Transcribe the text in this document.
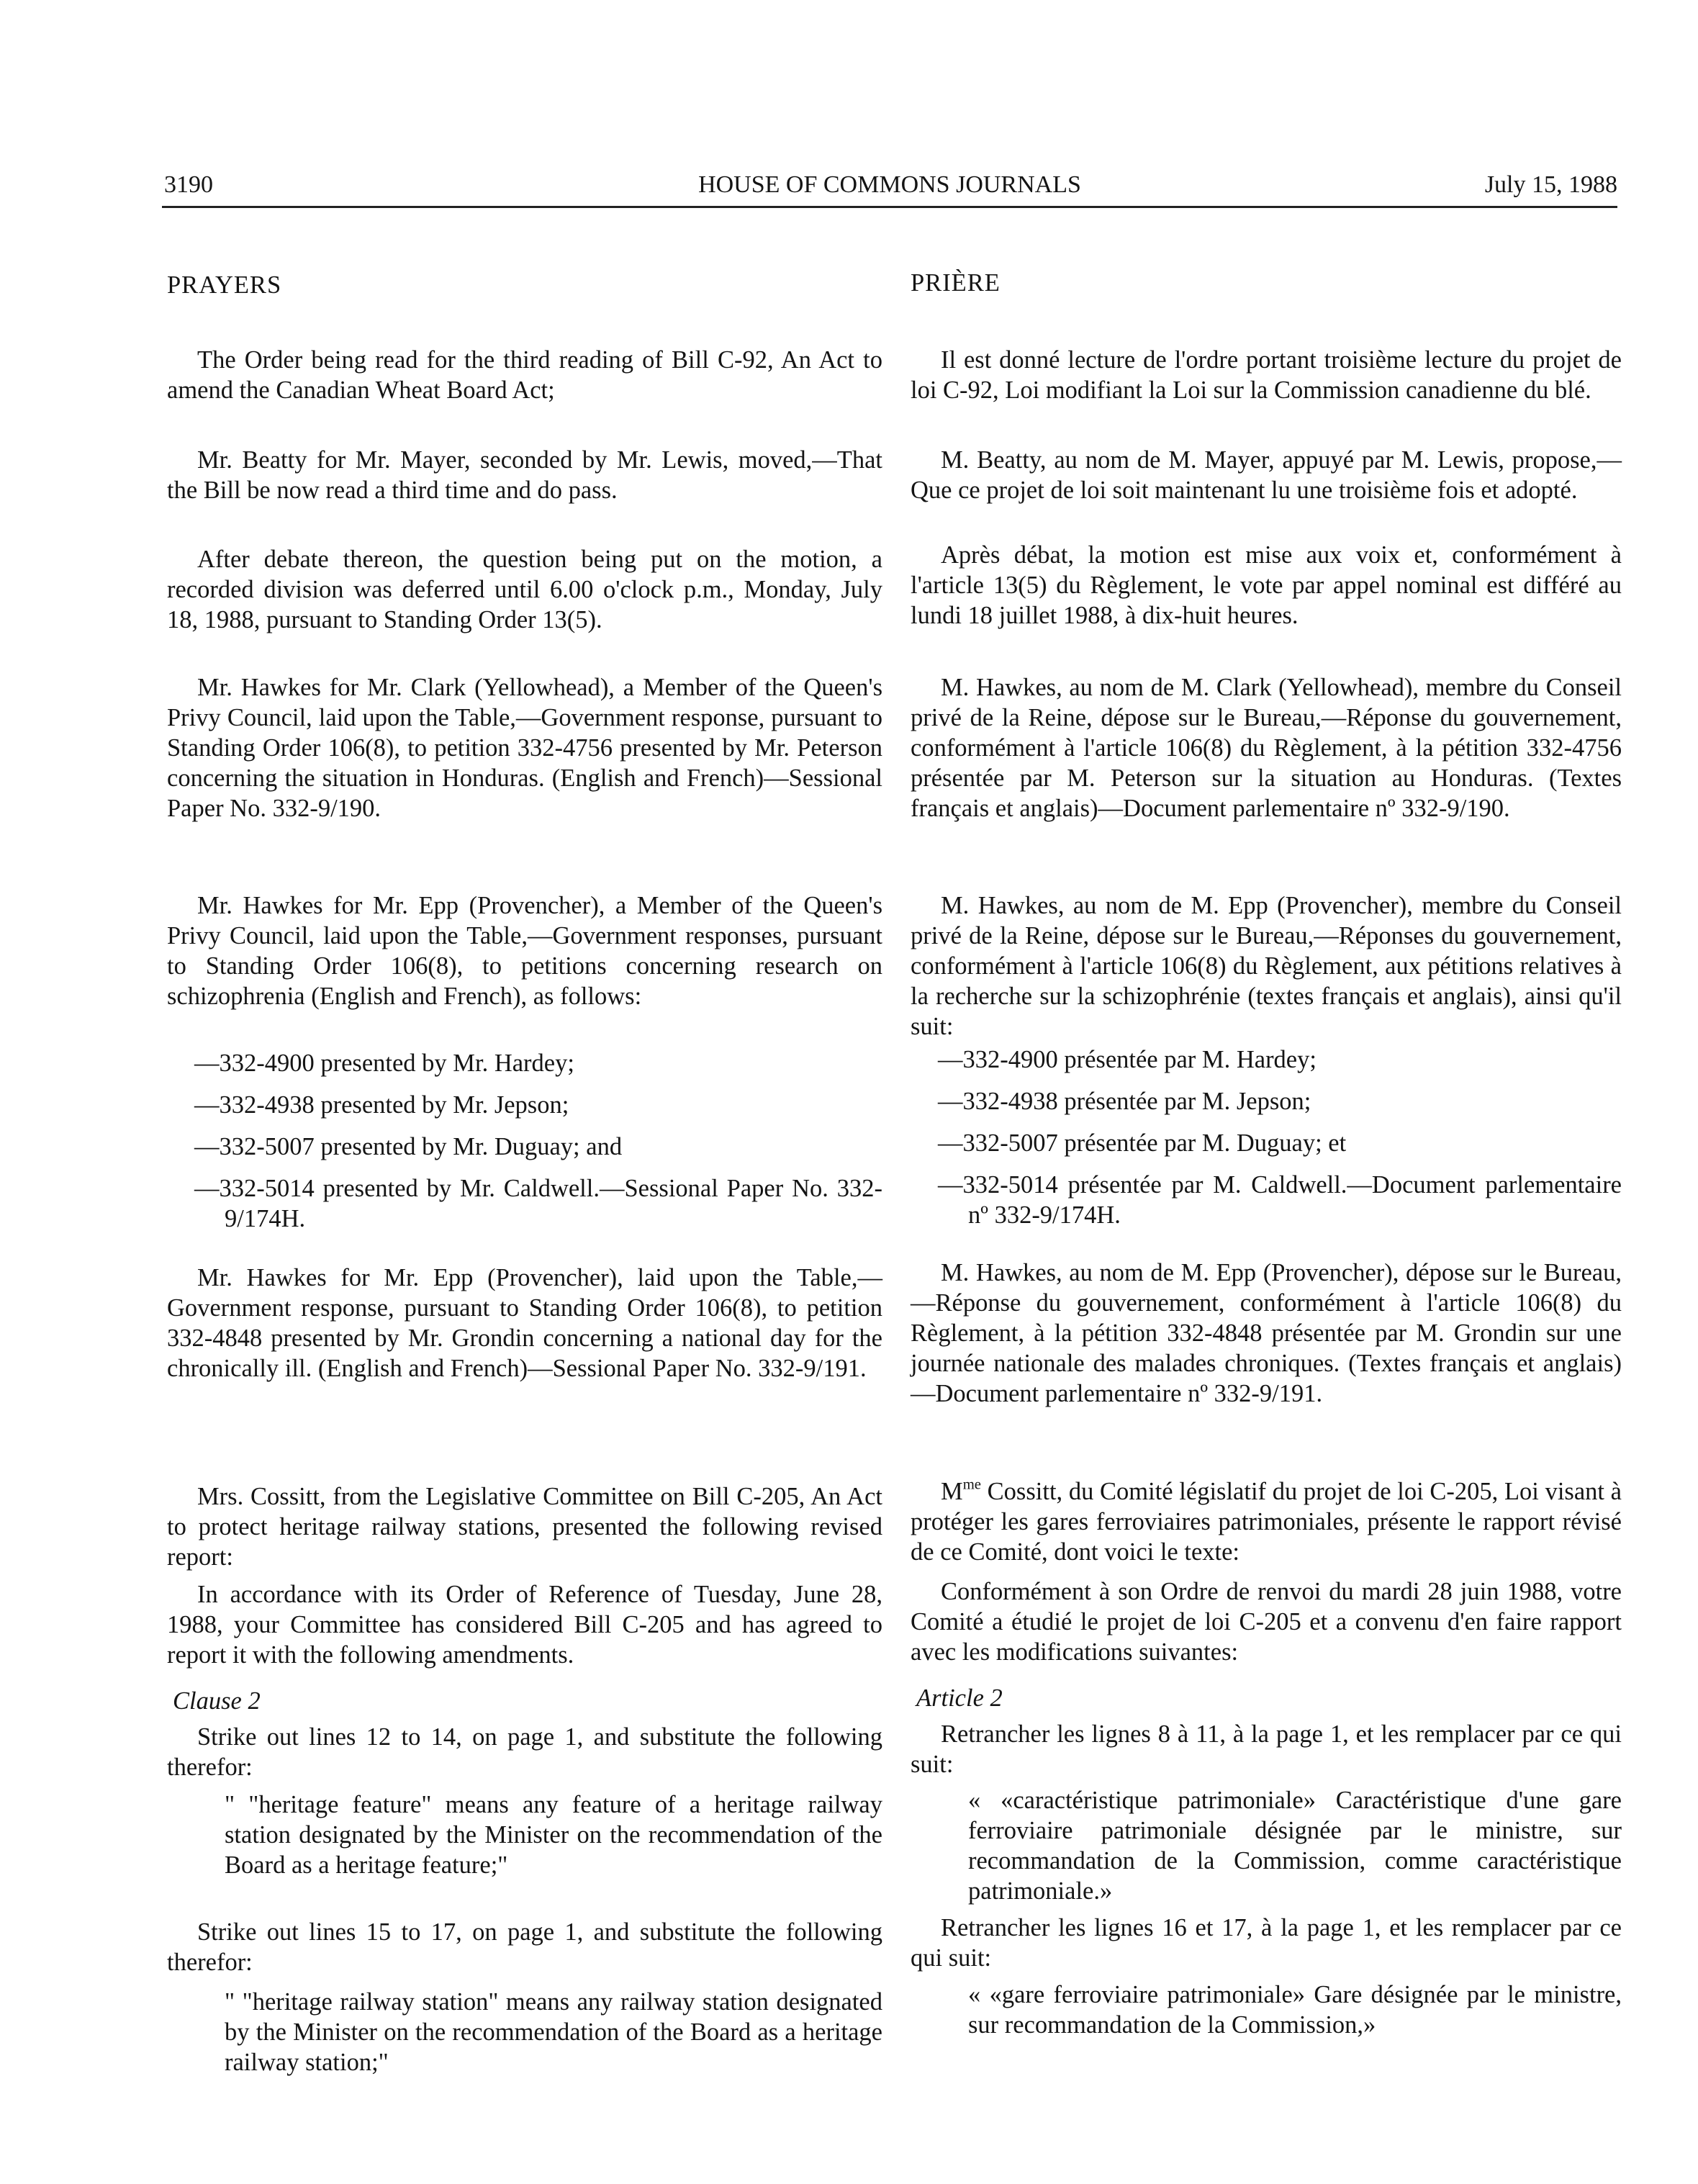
3190	HOUSE OF COMMONS JOURNALS	July 15, 1988
PRAYERS

The Order being read for the third reading of Bill C-92, An Act to amend the Canadian Wheat Board Act;

Mr. Beatty for Mr. Mayer, seconded by Mr. Lewis, moved,—That the Bill be now read a third time and do pass.

After debate thereon, the question being put on the motion, a recorded division was deferred until 6.00 o'clock p.m., Monday, July 18, 1988, pursuant to Standing Order 13(5).

Mr. Hawkes for Mr. Clark (Yellowhead), a Member of the Queen's Privy Council, laid upon the Table,—Government response, pursuant to Standing Order 106(8), to petition 332-4756 presented by Mr. Peterson concerning the situation in Honduras. (English and French)—Sessional Paper No. 332-9/190.

Mr. Hawkes for Mr. Epp (Provencher), a Member of the Queen's Privy Council, laid upon the Table,—Government responses, pursuant to Standing Order 106(8), to petitions concerning research on schizophrenia (English and French), as follows:

—332-4900 presented by Mr. Hardey;

—332-4938 presented by Mr. Jepson;

—332-5007 presented by Mr. Duguay; and

—332-5014 presented by Mr. Caldwell.—Sessional Paper No. 332-9/174H.

Mr. Hawkes for Mr. Epp (Provencher), laid upon the Table,—Government response, pursuant to Standing Order 106(8), to petition 332-4848 presented by Mr. Grondin concerning a national day for the chronically ill. (English and French)—Sessional Paper No. 332-9/191.

Mrs. Cossitt, from the Legislative Committee on Bill C-205, An Act to protect heritage railway stations, presented the following revised report:

In accordance with its Order of Reference of Tuesday, June 28, 1988, your Committee has considered Bill C-205 and has agreed to report it with the following amendments.

Clause 2

Strike out lines 12 to 14, on page 1, and substitute the following therefor:

" "heritage feature" means any feature of a heritage railway station designated by the Minister on the recommendation of the Board as a heritage feature;"

Strike out lines 15 to 17, on page 1, and substitute the following therefor:

" "heritage railway station" means any railway station designated by the Minister on the recommendation of the Board as a heritage railway station;"

PRIÈRE

Il est donné lecture de l'ordre portant troisième lecture du projet de loi C-92, Loi modifiant la Loi sur la Commission canadienne du blé.

M. Beatty, au nom de M. Mayer, appuyé par M. Lewis, propose,—Que ce projet de loi soit maintenant lu une troisième fois et adopté.

Après débat, la motion est mise aux voix et, conformément à l'article 13(5) du Règlement, le vote par appel nominal est différé au lundi 18 juillet 1988, à dix-huit heures.

M. Hawkes, au nom de M. Clark (Yellowhead), membre du Conseil privé de la Reine, dépose sur le Bureau,—Réponse du gouvernement, conformément à l'article 106(8) du Règlement, à la pétition 332-4756 présentée par M. Peterson sur la situation au Honduras. (Textes français et anglais)—Document parlementaire nº 332-9/190.

M. Hawkes, au nom de M. Epp (Provencher), membre du Conseil privé de la Reine, dépose sur le Bureau,—Réponses du gouvernement, conformément à l'article 106(8) du Règlement, aux pétitions relatives à la recherche sur la schizophrénie (textes français et anglais), ainsi qu'il suit:

—332-4900 présentée par M. Hardey;

—332-4938 présentée par M. Jepson;

—332-5007 présentée par M. Duguay; et

—332-5014 présentée par M. Caldwell.—Document parlementaire nº 332-9/174H.

M. Hawkes, au nom de M. Epp (Provencher), dépose sur le Bureau,—Réponse du gouvernement, conformément à l'article 106(8) du Règlement, à la pétition 332-4848 présentée par M. Grondin sur une journée nationale des malades chroniques. (Textes français et anglais)—Document parlementaire nº 332-9/191.

$M^{me}$ Cossitt, du Comité législatif du projet de loi C-205, Loi visant à protéger les gares ferroviaires patrimoniales, présente le rapport révisé de ce Comité, dont voici le texte:

Conformément à son Ordre de renvoi du mardi 28 juin 1988, votre Comité a étudié le projet de loi C-205 et a convenu d'en faire rapport avec les modifications suivantes:

Article 2

Retrancher les lignes 8 à 11, à la page 1, et les remplacer par ce qui suit:

« «caractéristique patrimoniale» Caractéristique d'une gare ferroviaire patrimoniale désignée par le ministre, sur recommandation de la Commission, comme caractéristique patrimoniale.»

Retrancher les lignes 16 et 17, à la page 1, et les remplacer par ce qui suit:

« «gare ferroviaire patrimoniale» Gare désignée par le ministre, sur recommandation de la Commission,»
